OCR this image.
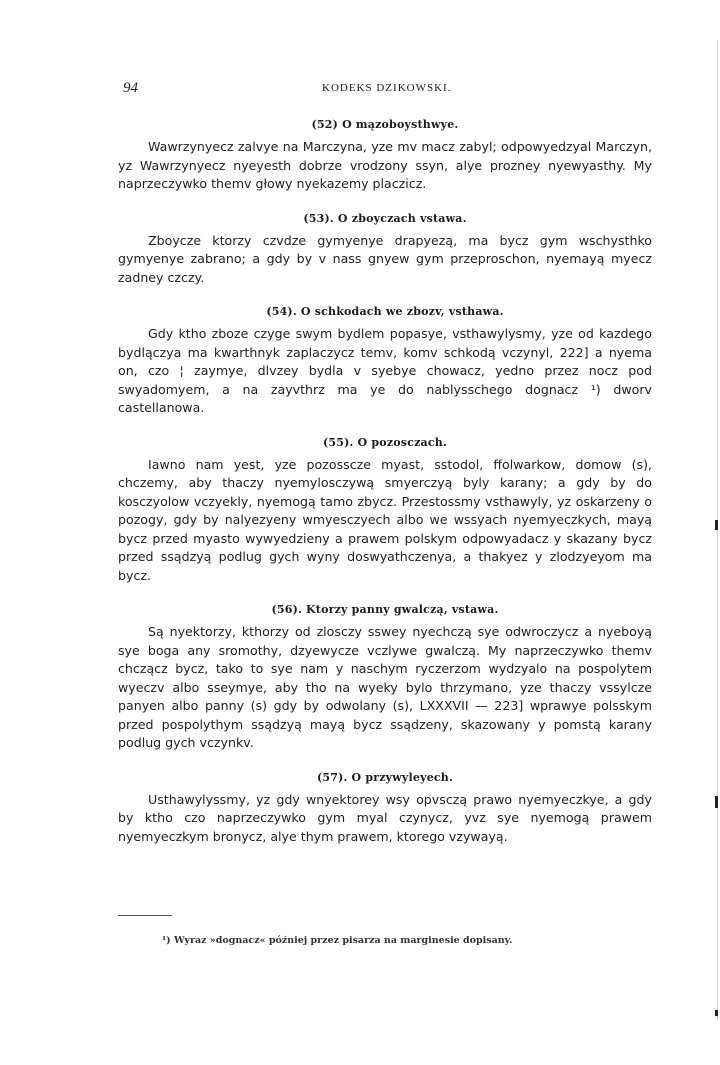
94	KODEKS DZIKOWSKI.
(52) O mązoboysthwye.

Wawrzynyecz zalvye na Marczyna, yze mv macz zabyl; odpowyedzyal Marczyn, yz Wawrzynyecz nyeyesth dobrze vrodzony ssyn, alye prozney nyewyasthy. My naprzeczywko themv głowy nyekazemy placzicz.

(53). O zboyczach vstawa.

Zboycze ktorzy czvdze gymyenye drapyezą, ma bycz gym wschysthko gymyenye zabrano; a gdy by v nass gnyew gym przeproschon, nyemayą myecz zadney czczy.

(54). O schkodach we zbozv, vsthawa.

Gdy ktho zboze czyge swym bydlem popasye, vsthawylysmy, yze od kazdego bydlączya ma kwarthnyk zaplaczycz temv, komv schkodą vczynyl, 222] a nyema on, czo ¦ zaymye, dlvzey bydla v syebye chowacz, yedno przez nocz pod swyadomyem, a na zayvthrz ma ye do nablysschego dognacz ¹) dworv castellanowa.

(55). O pozosczach.

Iawno nam yest, yze pozossczе myast, sstodol, ffolwarkow, domow (s), chczemy, aby thaczy nyemylosczywą smyerczyą byly karany; a gdy by do kosczyolow vczyekly, nyemogą tamo zbycz. Przestossmy vsthawyly, yz oskarzeny o pozogy, gdy by nalyezyeny wmyesczyech albo we wssyach nyemyeczkych, mayą bycz przed myasto wywyedzieny a prawem polskym odpowyadacz y skazany bycz przed ssądzyą podlug gych wyny doswyathczenya, a thakyez y zlodzyeyom ma bycz.

(56). Ktorzy panny gwalczą, vstawa.

Są nyektorzy, kthorzy od zlosczy sswey nyechczą sye odwroczycz a nyeboyą sye boga any sromothy, dzyewycze vczlywe gwalczą. My naprzeczywko themv chcząсz bycz, tako to sye nam y naschym ryczerzom wydzyalo na pospolytem wyeczv albo sseymye, aby tho na wyeky bylo thrzymano, yze thaczy vssylcze panyen albo panny (s) gdy by odwolany (s), LXXXVII — 223] wprawye polsskym przed pospolythym ssądzyą mayą bycz ssądzeny, skazowany y pomstą karany podlug gych vczynkv.

(57). O przywyleyech.

Usthawylyssmy, yz gdy wnyektorey wsy opvsczą prawo nyemyeczkye, a gdy by ktho czo naprzeczywko gym myal czynycz, yvz sye nyemogą prawem nyemyeczkym bronycz, alye thym prawem, ktorego vzywayą.

¹) Wyraz »dognacz« później przez pisarza na marginesie dopisany.
